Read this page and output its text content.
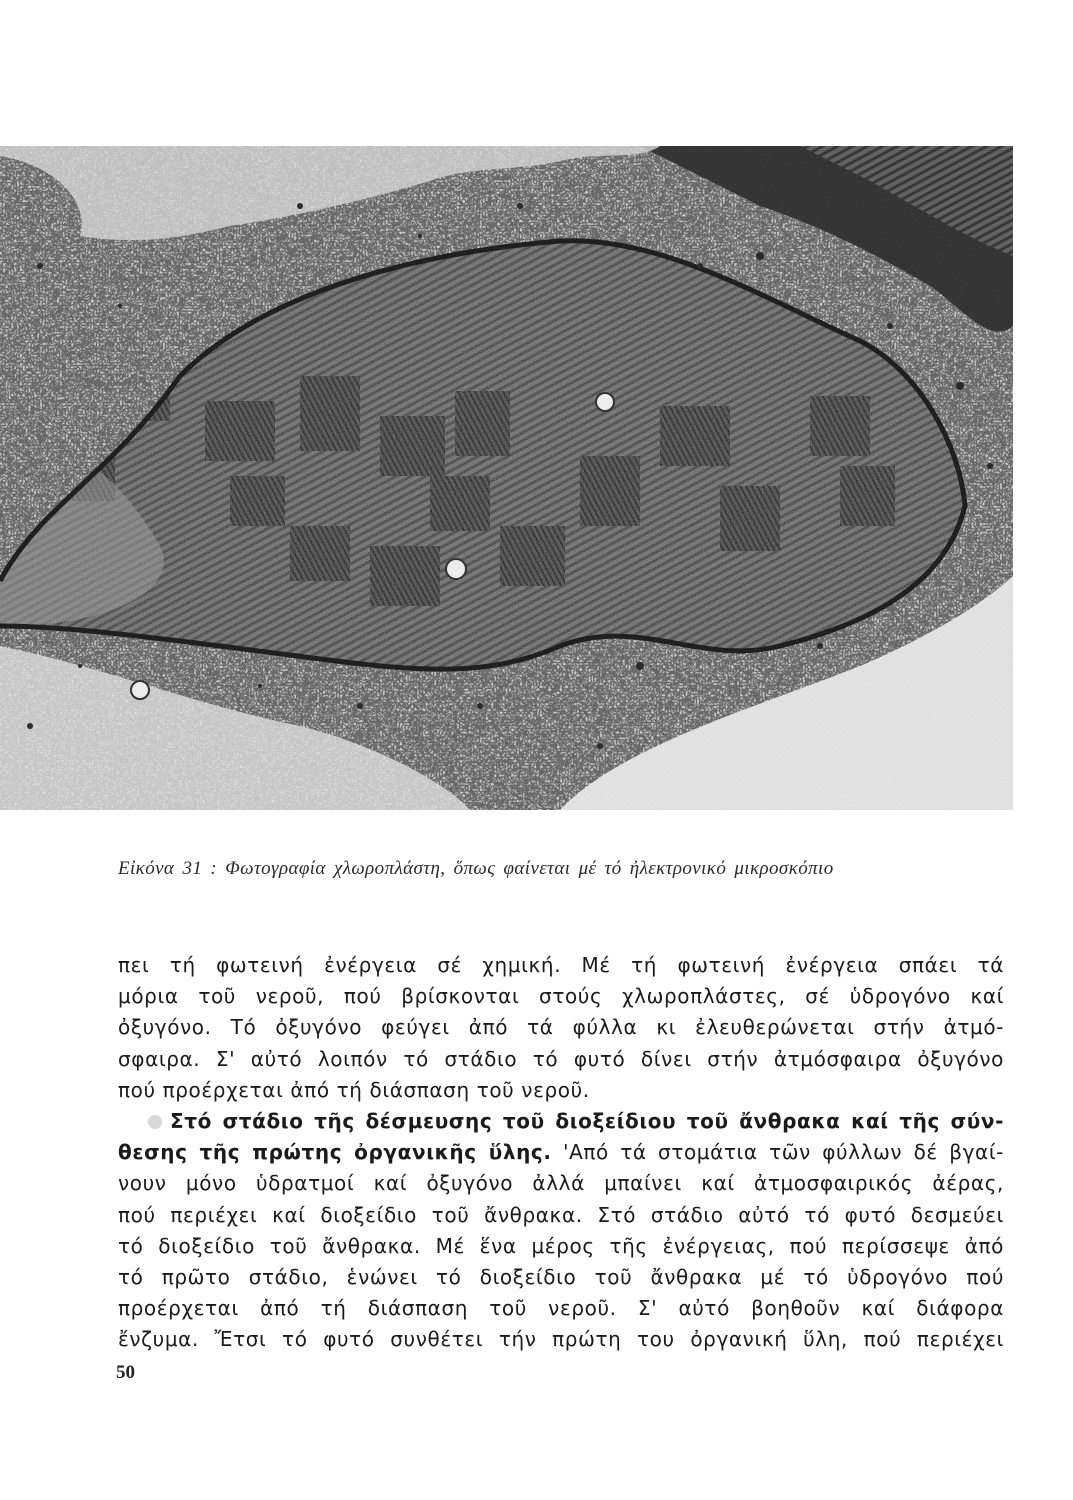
Εἰκόνα 31 : Φωτογραφία χλωροπλάστη, ὅπως φαίνεται μέ τό ἠλεκτρονικό μικροσκόπιο
πει τή φωτεινή ἐνέργεια σέ χημική. Μέ τή φωτεινή ἐνέργεια σπάει τά
μόρια τοῦ νεροῦ, πού βρίσκονται στούς χλωροπλάστες, σέ ὑδρογόνο καί
ὀξυγόνο. Τό ὀξυγόνο φεύγει ἀπό τά φύλλα κι ἐλευθερώνεται στήν ἀτμό-
σφαιρα. Σ' αὐτό λοιπόν τό στάδιο τό φυτό δίνει στήν ἀτμόσφαιρα ὀξυγόνο
πού προέρχεται ἀπό τή διάσπαση τοῦ νεροῦ.
Στό στάδιο τῆς δέσμευσης τοῦ διοξείδιου τοῦ ἄνθρακα καί τῆς σύν-
θεσης τῆς πρώτης ὀργανικῆς ὕλης. 'Από τά στομάτια τῶν φύλλων δέ βγαί-
νουν μόνο ὑδρατμοί καί ὀξυγόνο ἀλλά μπαίνει καί ἀτμοσφαιρικός ἀέρας,
πού περιέχει καί διοξείδιο τοῦ ἄνθρακα. Στό στάδιο αὐτό τό φυτό δεσμεύει
τό διοξείδιο τοῦ ἄνθρακα. Μέ ἕνα μέρος τῆς ἐνέργειας, πού περίσσεψε ἀπό
τό πρῶτο στάδιο, ἑνώνει τό διοξείδιο τοῦ ἄνθρακα μέ τό ὑδρογόνο πού
προέρχεται ἀπό τή διάσπαση τοῦ νεροῦ. Σ' αὐτό βοηθοῦν καί διάφορα
ἔνζυμα. Ἔτσι τό φυτό συνθέτει τήν πρώτη του ὀργανική ὕλη, πού περιέχει
50
